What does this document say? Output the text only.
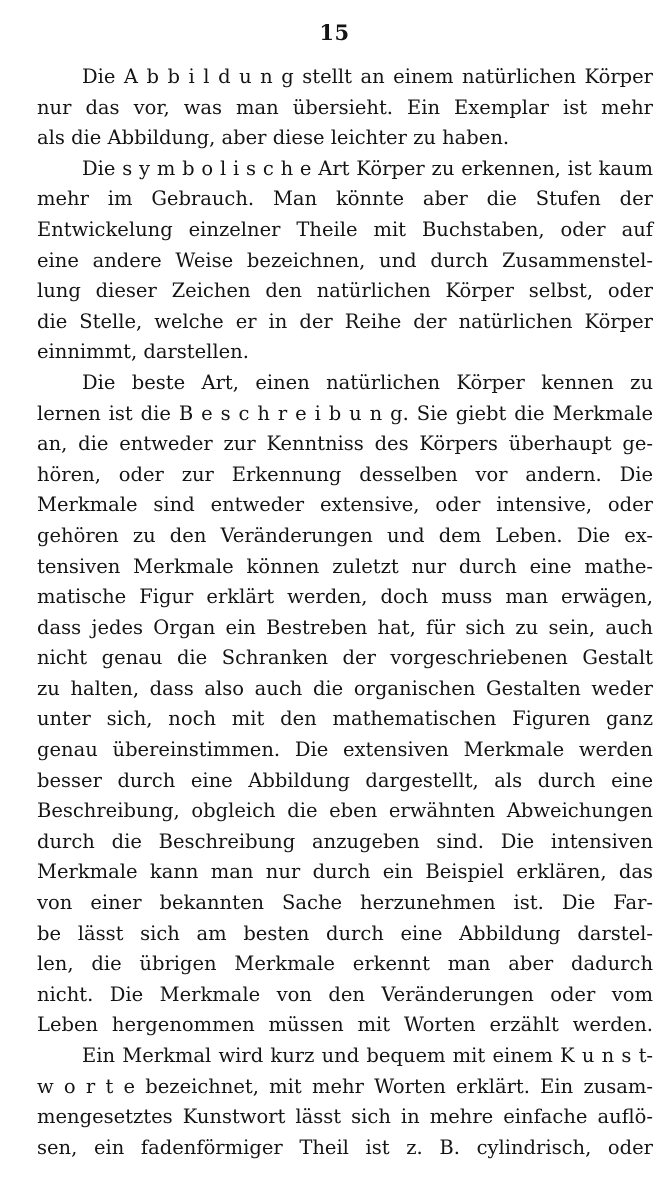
15
Die A b b i l d u n g stellt an einem natürlichen Körper
nur das vor, was man übersieht. Ein Exemplar ist mehr
als die Abbildung, aber diese leichter zu haben.
Die s y m b o l i s c h e Art Körper zu erkennen, ist kaum
mehr im Gebrauch. Man könnte aber die Stufen der
Entwickelung einzelner Theile mit Buchstaben, oder auf
eine andere Weise bezeichnen, und durch Zusammenstel-
lung dieser Zeichen den natürlichen Körper selbst, oder
die Stelle, welche er in der Reihe der natürlichen Körper
einnimmt, darstellen.
Die beste Art, einen natürlichen Körper kennen zu
lernen ist die B e s c h r e i b u n g. Sie giebt die Merkmale
an, die entweder zur Kenntniss des Körpers überhaupt ge-
hören, oder zur Erkennung desselben vor andern. Die
Merkmale sind entweder extensive, oder intensive, oder
gehören zu den Veränderungen und dem Leben. Die ex-
tensiven Merkmale können zuletzt nur durch eine mathe-
matische Figur erklärt werden, doch muss man erwägen,
dass jedes Organ ein Bestreben hat, für sich zu sein, auch
nicht genau die Schranken der vorgeschriebenen Gestalt
zu halten, dass also auch die organischen Gestalten weder
unter sich, noch mit den mathematischen Figuren ganz
genau übereinstimmen. Die extensiven Merkmale werden
besser durch eine Abbildung dargestellt, als durch eine
Beschreibung, obgleich die eben erwähnten Abweichungen
durch die Beschreibung anzugeben sind. Die intensiven
Merkmale kann man nur durch ein Beispiel erklären, das
von einer bekannten Sache herzunehmen ist. Die Far-
be lässt sich am besten durch eine Abbildung darstel-
len, die übrigen Merkmale erkennt man aber dadurch
nicht. Die Merkmale von den Veränderungen oder vom
Leben hergenommen müssen mit Worten erzählt werden.
Ein Merkmal wird kurz und bequem mit einem K u n s t-
w o r t e bezeichnet, mit mehr Worten erklärt. Ein zusam-
mengesetztes Kunstwort lässt sich in mehre einfache auflö-
sen, ein fadenförmiger Theil ist z. B. cylindrisch, oder
